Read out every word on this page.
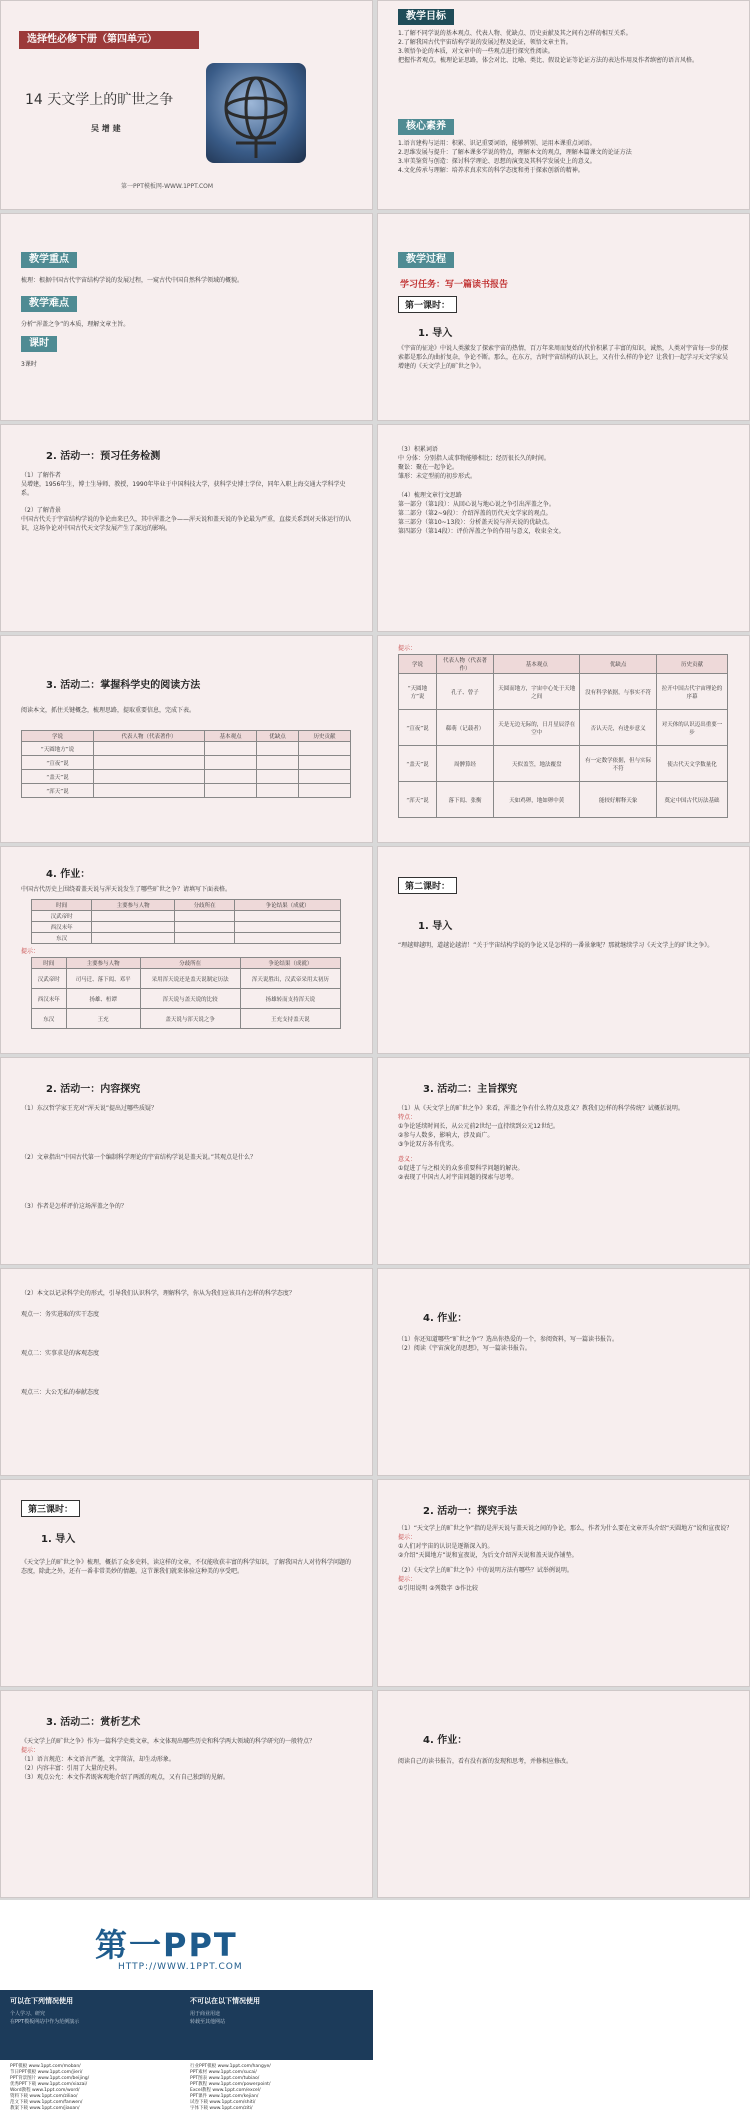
选择性必修下册（第四单元）
14 天文学上的旷世之争
吴 增 建
第一PPT模板网-WWW.1PPT.COM
教学目标
1.了解不同学说的基本观点、代表人物、优缺点、历史贡献及其之间有怎样的相互关系。
2.了解我国古代宇宙结构学说的发展过程及论证，领悟文章主旨。
3.领悟争论的本质，对文章中的一些观点进行探究性阅读。
把握作者观点，梳理论证思路，体会对比、比喻、类比、假设论证等论证方法的表达作用及作者缜密的语言风格。
核心素养
1.语言建构与运用：积累、识记重要词语，能够辨别、运用本课重点词语。
2.思维发展与提升：了解本课多学说的特点，理解本文的观点，理解本篇课文的论证方法
3.审美鉴赏与创造：探讨科学理论、思想的演变及其科学发展史上的意义。
4.文化传承与理解：培养求真求实的科学态度和勇于探索创新的精神。
教学重点
梳理：根据中国古代宇宙结构学说的发展过程，一窥古代中国自然科学领域的概貌。
教学难点
分析“浑盖之争”的本质，理解文章主旨。
课时
3课时
教学过程
学习任务：写一篇读书报告
第一课时：
1. 导入
《宇宙的征途》中说人类激发了探索宇宙的热情，百万年来周而复始的代价积累了丰富的知识，诚然，人类对宇宙每一步的探索都是那么的曲折复杂，争论不断。那么，在东方，古时宇宙结构的认识上，又有什么样的争论？让我们一起学习天文学家吴增建的《天文学上的旷世之争》。
2. 活动一：预习任务检测
（1）了解作者
吴增建，1956年生，博士生导师、教授，1990年毕业于中国科技大学，获科学史博士学位，同年入职上海交通大学科学史系。
（2）了解背景
中国古代关于宇宙结构学说的争论由来已久，其中浑盖之争——浑天说和盖天说的争论最为严重，直接关系到对天体运行的认识，这场争论对中国古代天文学发展产生了深远的影响。
（3）积累词语
中 分体：分别指人或事物能够相比；经历很长久的时间。
聚讼：聚在一起争论。
雏形：未定型前的初步形式。
（4）梳理文章行文思路
第一部分（第1段）：从回心说与地心说之争引出浑盖之争。
第二部分（第2~9段）：介绍浑盖的历代天文学家的观点。
第三部分（第10~13段）：分析盖天说与浑天说的优缺点。
第四部分（第14段）：评价浑盖之争的作用与意义，收束全文。
3. 活动二：掌握科学史的阅读方法
阅读本文，抓住关键概念，梳理思路，提取重要信息，完成下表。
学说	代表人物（代表著作）	基本观点	优缺点	历史贡献
“天圆地方”说				
“宣夜”说				
“盖天”说				
“浑天”说				
提示：
学说	代表人物（代表著作）	基本观点	优缺点	历史贡献
“天圆地方”说	孔子、曾子	天圆而地方，宇宙中心处于天地之间	没有科学依据，与事实不符	拉开中国古代宇宙理论的序幕
“宣夜”说	郗萌（记载者）	天是无边无际的，日月星辰浮在空中	否认天壳，有进步意义	对天体的认识迈出重要一步
“盖天”说	周髀算经	天似盖笠，地法覆盘	有一定数学依据，但与实际不符	使古代天文学数量化
“浑天”说	落下闳、张衡	天如鸡卵，地如卵中黄	能较好解释天象	奠定中国古代历法基础
4. 作业：
中国古代历史上围绕着盖天说与浑天说发生了哪些旷世之争？请填写下面表格。
时间	主要参与人物	分歧所在	争论结果（成就）
汉武帝时			
西汉末年			
东汉			
提示：
时间	主要参与人物	分歧所在	争论结果（成就）
汉武帝时	司马迁、落下闳、邓平	采用浑天说还是盖天说制定历法	浑天说胜出，汉武帝采用太初历
西汉末年	扬雄、桓谭	浑天说与盖天说的比较	扬雄转而支持浑天说
东汉	王充	盖天说与浑天说之争	王充支持盖天说
第二课时：
1. 导入
“理越辩越明，道越论越清！”关于宇宙结构学说的争论又是怎样的一番景象呢？那就继续学习《天文学上的旷世之争》。
2. 活动一：内容探究
（1）东汉哲学家王充对“浑天说”提出过哪些质疑？
（2）文章指出“中国古代第一个编制科学理论的宇宙结构学说是盖天说。”其观点是什么？
（3）作者是怎样评价这场浑盖之争的？
3. 活动二：主旨探究
（1）从《天文学上的旷世之争》来看，浑盖之争有什么特点及意义？教我们怎样的科学传统？试概括说明。
特点：
①争论延续时间长，从公元前2世纪一直持续到公元12世纪。
②参与人数多，影响大，涉及面广。
③争论双方各有优劣。
意义：
①促进了与之相关的众多重要科学问题的解决。
②表现了中国古人对宇宙问题的探索与思考。
（2）本文以记录科学史的形式，引导我们认识科学，理解科学，你从为我们应该具有怎样的科学态度？
观点一：务实进取的实干态度
观点二：实事求是的客观态度
观点三：大公无私的奉献态度
4. 作业：
（1）你还知道哪些“旷世之争”？选出你热爱的一个，参阅资料，写一篇读书报告。
（2）阅读《宇宙演化的思想》，写一篇读书报告。
第三课时：
1. 导入
《天文学上的旷世之争》梳理，概括了众多史料，读这样的文章，不仅能收获丰富的科学知识，了解我国古人对待科学问题的态度，除此之外，还有一番非常美妙的情趣。这节课我们就来体验这种美的享受吧。
2. 活动一：探究手法
（1）“天文学上的旷世之争”指的是浑天说与盖天说之间的争论，那么，作者为什么要在文章开头介绍“天圆地方”说和宣夜说？
提示：
①人们对宇宙的认识是逐渐深入的。
②介绍“天圆地方”说和宣夜说，为后文介绍浑天说和盖天说作铺垫。
（2）《天文学上的旷世之争》中的说明方法有哪些？试举例说明。
提示：
①引用说明 ②列数字 ③作比较
3. 活动二：赏析艺术
《天文学上的旷世之争》作为一篇科学史类文章，本文体现出哪些历史和科学两大领域的科学研究的一般特点？
提示：
（1）语言规范：本文语言严谨，文字简洁，却生动形象。
（2）内容丰富：引用了大量的史料。
（3）观点公允：本文作者既客观地介绍了两派的观点，又有自己独到的见解。
4. 作业：
阅读自己的读书报告，看有没有新的发现和思考，并修相应修改。
第一PPT
HTTP://WWW.1PPT.COM
可以在下列情况使用
个人学习、研究
在PPT模板网站中作为范例演示
不可以在以下情况使用
用于商业用途
转载至其他网站
PPT模板 www.1ppt.com/moban/
节日PPT模板 www.1ppt.com/jieri/
PPT背景图片 www.1ppt.com/beijing/
优秀PPT下载 www.1ppt.com/xiazai/
Word教程 www.1ppt.com/word/
资料下载 www.1ppt.com/ziliao/
范文下载 www.1ppt.com/fanwen/
教案下载 www.1ppt.com/jiaoan/
行业PPT模板 www.1ppt.com/hangye/
PPT素材 www.1ppt.com/sucai/
PPT图表 www.1ppt.com/tubiao/
PPT教程 www.1ppt.com/powerpoint/
Excel教程 www.1ppt.com/excel/
PPT课件 www.1ppt.com/kejian/
试卷下载 www.1ppt.com/shiti/
字体下载 www.1ppt.com/ziti/
